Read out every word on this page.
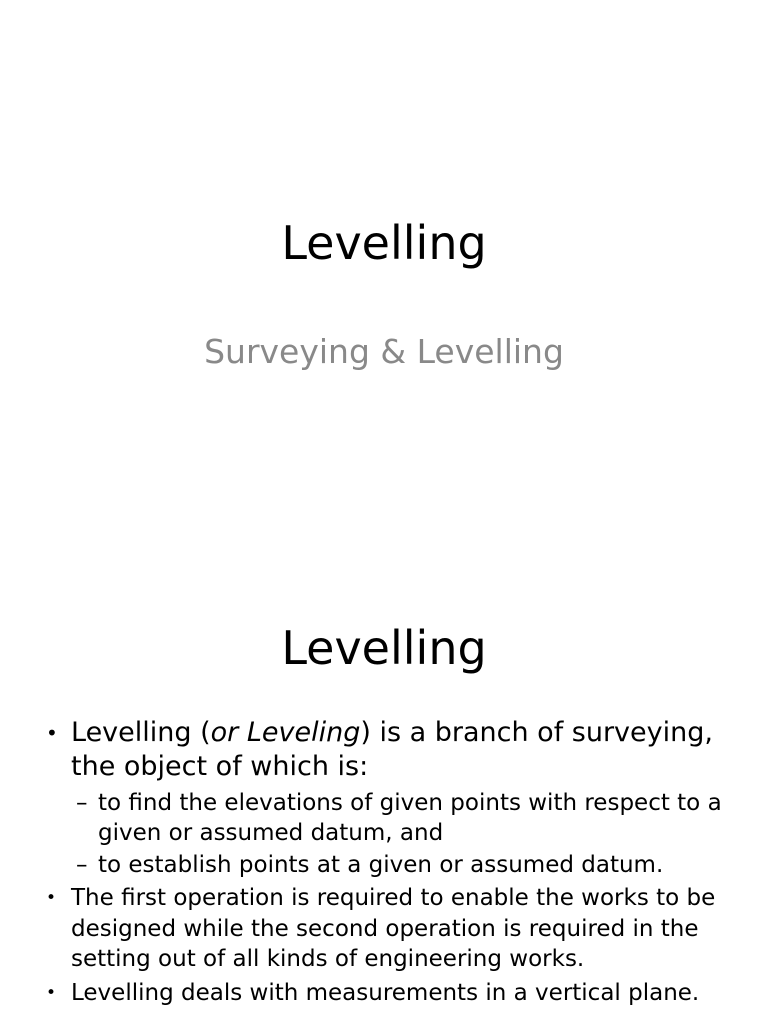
Levelling
Surveying & Levelling
Levelling
• Levelling (or Leveling) is a branch of surveying, the object of which is:
– to find the elevations of given points with respect to a given or assumed datum, and
– to establish points at a given or assumed datum.
• The first operation is required to enable the works to be designed while the second operation is required in the setting out of all kinds of engineering works.
• Levelling deals with measurements in a vertical plane.
